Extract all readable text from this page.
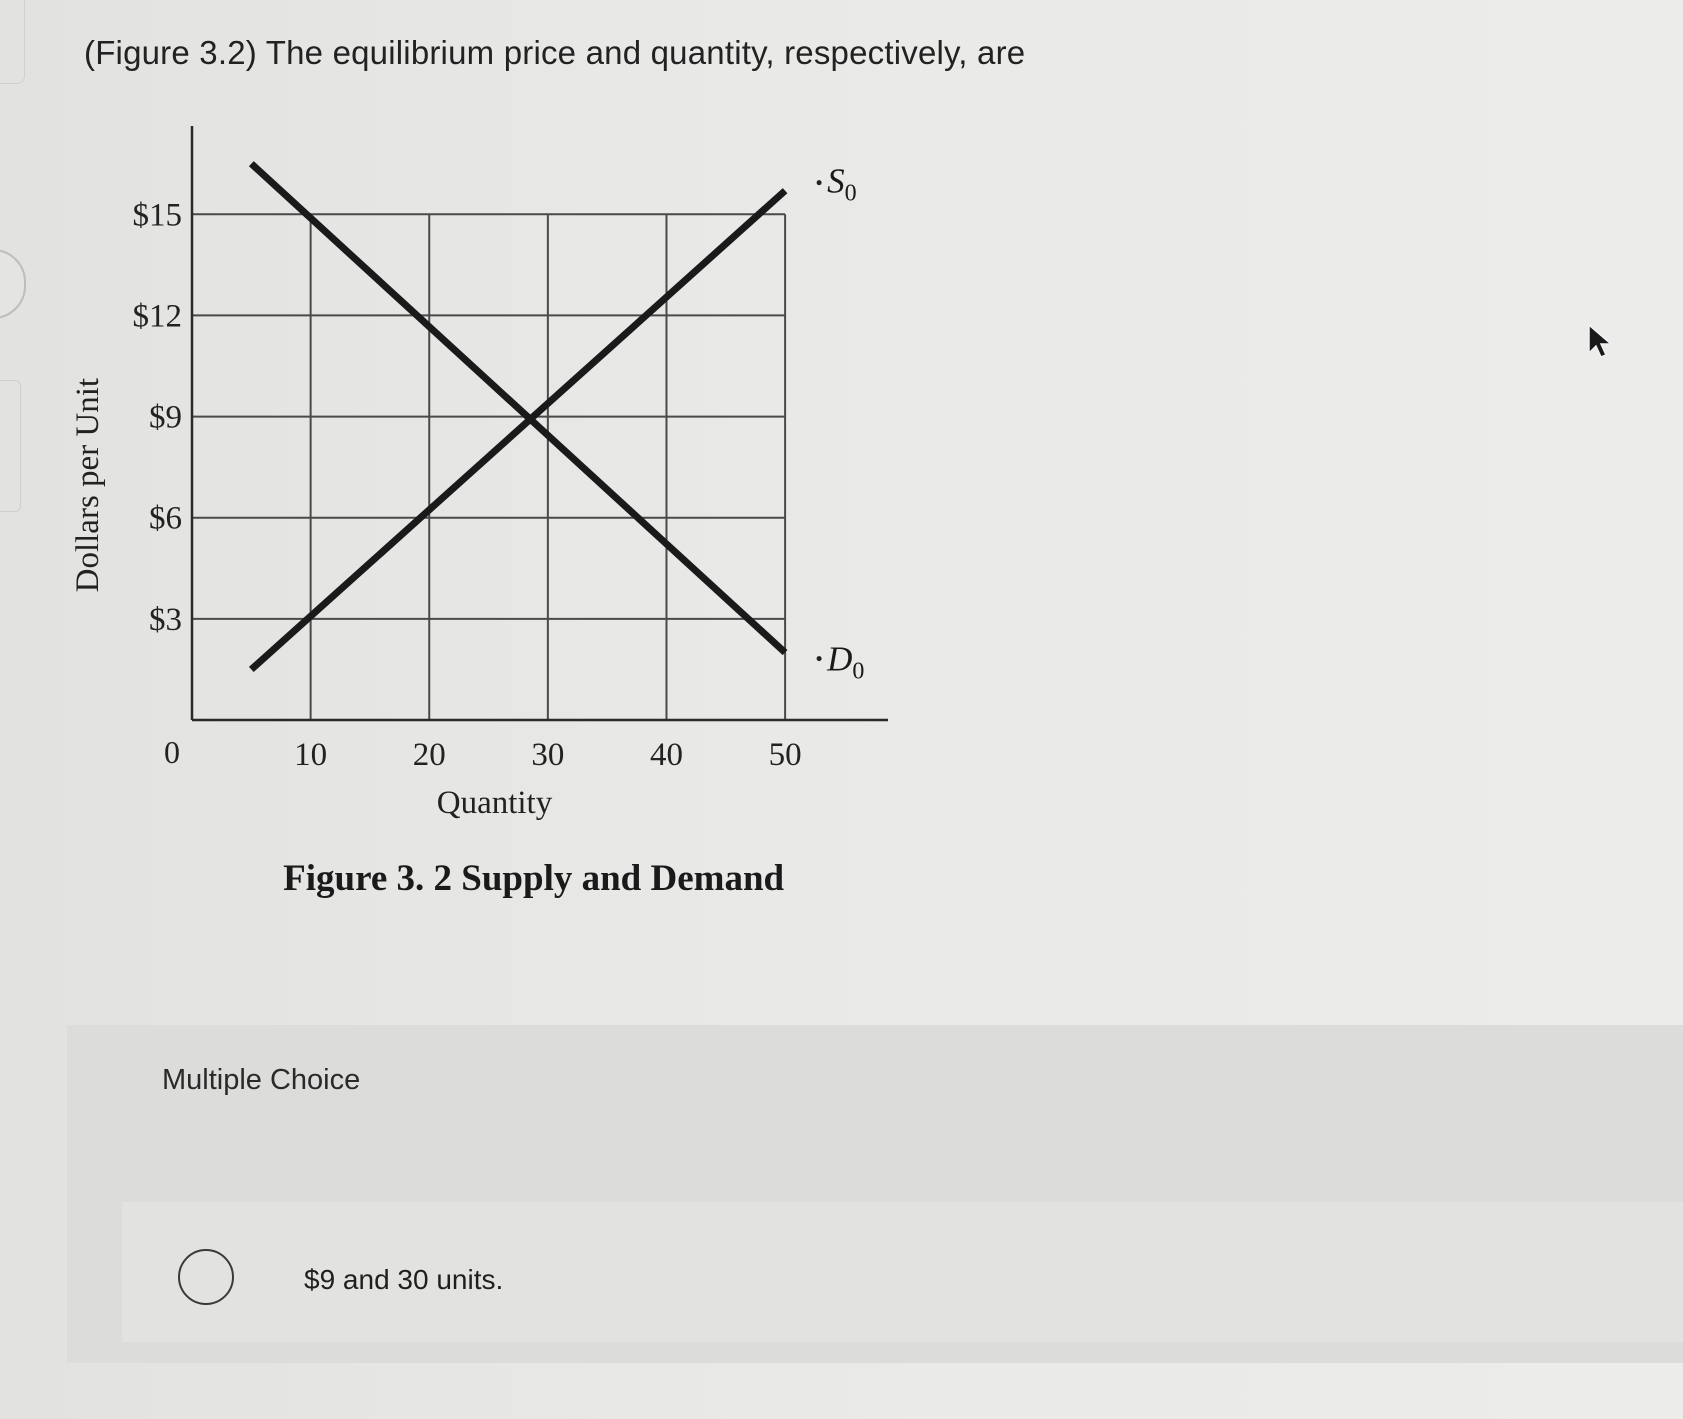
(Figure 3.2) The equilibrium price and quantity, respectively, are
$3
$6
$9
$12
$15
10	20	30	40	50
$S_0$
$D_0$
Dollars per Unit
Quantity
0
Figure 3. 2 Supply and Demand
Multiple Choice
$9 and 30 units.
